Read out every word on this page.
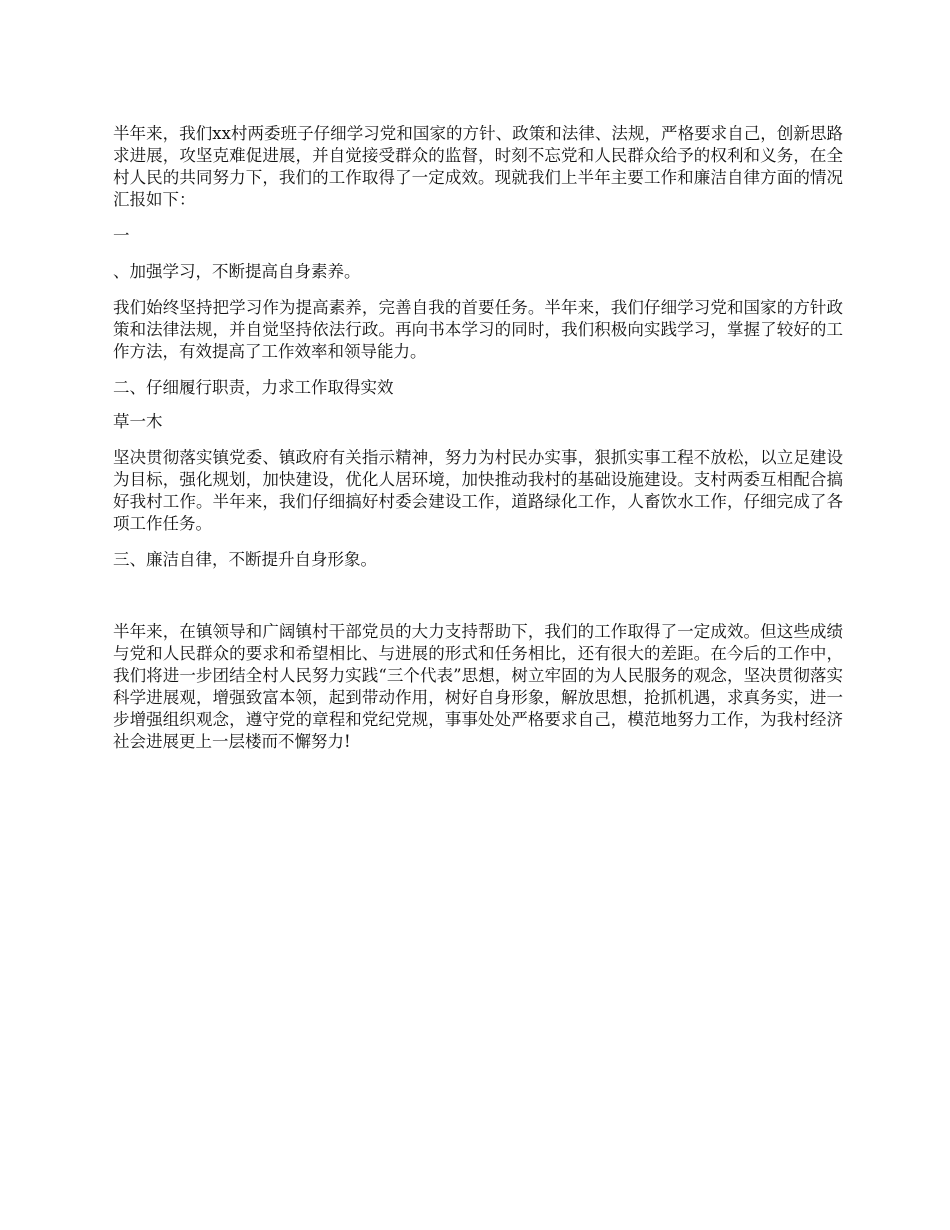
半年来，我们xx村两委班子仔细学习党和国家的方针、政策和法律、法规，严格要求自己，创新思路求进展，攻坚克难促进展，并自觉接受群众的监督，时刻不忘党和人民群众给予的权利和义务，在全村人民的共同努力下，我们的工作取得了一定成效。现就我们上半年主要工作和廉洁自律方面的情况汇报如下：

一

、加强学习，不断提高自身素养。

我们始终坚持把学习作为提高素养，完善自我的首要任务。半年来，我们仔细学习党和国家的方针政策和法律法规，并自觉坚持依法行政。再向书本学习的同时，我们积极向实践学习，掌握了较好的工作方法，有效提高了工作效率和领导能力。

二、仔细履行职责，力求工作取得实效

草一木

坚决贯彻落实镇党委、镇政府有关指示精神，努力为村民办实事，狠抓实事工程不放松，以立足建设为目标，强化规划，加快建设，优化人居环境，加快推动我村的基础设施建设。支村两委互相配合搞好我村工作。半年来，我们仔细搞好村委会建设工作，道路绿化工作，人畜饮水工作，仔细完成了各项工作任务。

三、廉洁自律，不断提升自身形象。

半年来，在镇领导和广阔镇村干部党员的大力支持帮助下，我们的工作取得了一定成效。但这些成绩与党和人民群众的要求和希望相比、与进展的形式和任务相比，还有很大的差距。在今后的工作中，我们将进一步团结全村人民努力实践“三个代表”思想，树立牢固的为人民服务的观念，坚决贯彻落实科学进展观，增强致富本领，起到带动作用，树好自身形象，解放思想，抢抓机遇，求真务实，进一步增强组织观念，遵守党的章程和党纪党规，事事处处严格要求自己，模范地努力工作，为我村经济社会进展更上一层楼而不懈努力!
